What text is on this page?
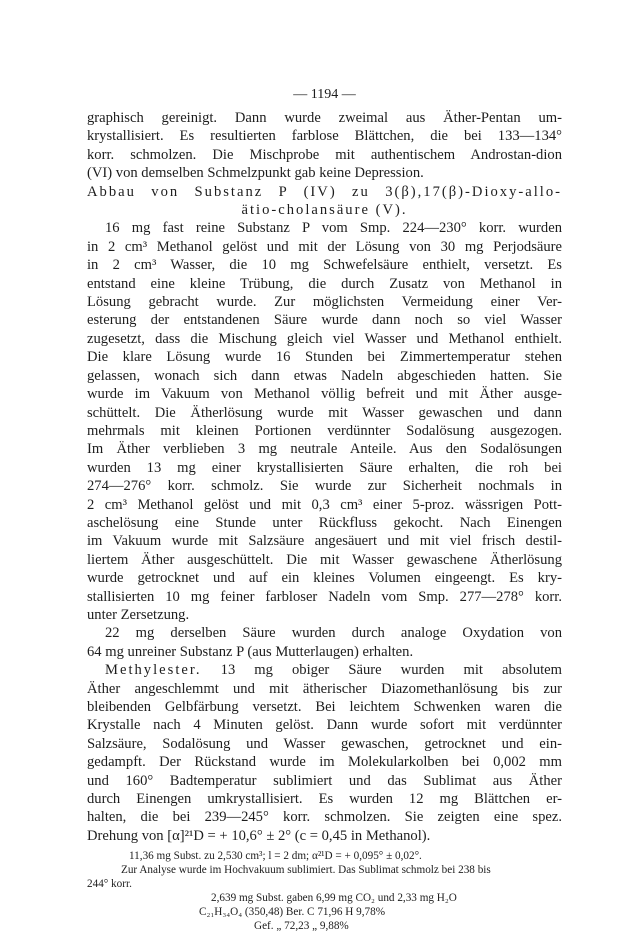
— 1194 —
graphisch gereinigt. Dann wurde zweimal aus Äther-Pentan um-
krystallisiert. Es resultierten farblose Blättchen, die bei 133—134°
korr. schmolzen. Die Mischprobe mit authentischem Androstan-dion
(VI) von demselben Schmelzpunkt gab keine Depression.
Abbau von Substanz P (IV) zu 3(β),17(β)-Dioxy-allo-
ätio-cholansäure (V).
16 mg fast reine Substanz P vom Smp. 224—230° korr. wurden
in 2 cm³ Methanol gelöst und mit der Lösung von 30 mg Perjodsäure
in 2 cm³ Wasser, die 10 mg Schwefelsäure enthielt, versetzt. Es
entstand eine kleine Trübung, die durch Zusatz von Methanol in
Lösung gebracht wurde. Zur möglichsten Vermeidung einer Ver-
esterung der entstandenen Säure wurde dann noch so viel Wasser
zugesetzt, dass die Mischung gleich viel Wasser und Methanol enthielt.
Die klare Lösung wurde 16 Stunden bei Zimmertemperatur stehen
gelassen, wonach sich dann etwas Nadeln abgeschieden hatten. Sie
wurde im Vakuum von Methanol völlig befreit und mit Äther ausge-
schüttelt. Die Ätherlösung wurde mit Wasser gewaschen und dann
mehrmals mit kleinen Portionen verdünnter Sodalösung ausgezogen.
Im Äther verblieben 3 mg neutrale Anteile. Aus den Sodalösungen
wurden 13 mg einer krystallisierten Säure erhalten, die roh bei
274—276° korr. schmolz. Sie wurde zur Sicherheit nochmals in
2 cm³ Methanol gelöst und mit 0,3 cm³ einer 5-proz. wässrigen Pott-
aschelösung eine Stunde unter Rückfluss gekocht. Nach Einengen
im Vakuum wurde mit Salzsäure angesäuert und mit viel frisch destil-
liertem Äther ausgeschüttelt. Die mit Wasser gewaschene Ätherlösung
wurde getrocknet und auf ein kleines Volumen eingeengt. Es kry-
stallisierten 10 mg feiner farbloser Nadeln vom Smp. 277—278° korr.
unter Zersetzung.
22 mg derselben Säure wurden durch analoge Oxydation von
64 mg unreiner Substanz P (aus Mutterlaugen) erhalten.
Methylester. 13 mg obiger Säure wurden mit absolutem
Äther angeschlemmt und mit ätherischer Diazomethanlösung bis zur
bleibenden Gelbfärbung versetzt. Bei leichtem Schwenken waren die
Krystalle nach 4 Minuten gelöst. Dann wurde sofort mit verdünnter
Salzsäure, Sodalösung und Wasser gewaschen, getrocknet und ein-
gedampft. Der Rückstand wurde im Molekularkolben bei 0,002 mm
und 160° Badtemperatur sublimiert und das Sublimat aus Äther
durch Einengen umkrystallisiert. Es wurden 12 mg Blättchen er-
halten, die bei 239—245° korr. schmolzen. Sie zeigten eine spez.
Drehung von [α]²¹D = + 10,6° ± 2° (c = 0,45 in Methanol).
11,36 mg Subst. zu 2,530 cm³; l = 2 dm; α²¹D = + 0,095° ± 0,02°.
Zur Analyse wurde im Hochvakuum sublimiert. Das Sublimat schmolz bei 238 bis
244° korr.
2,639 mg Subst. gaben 6,99 mg CO₂ und 2,33 mg H₂O
C₂₁H₃₄O₄ (350,48) Ber. C 71,96 H 9,78%
Gef. „ 72,23 „ 9,88%
